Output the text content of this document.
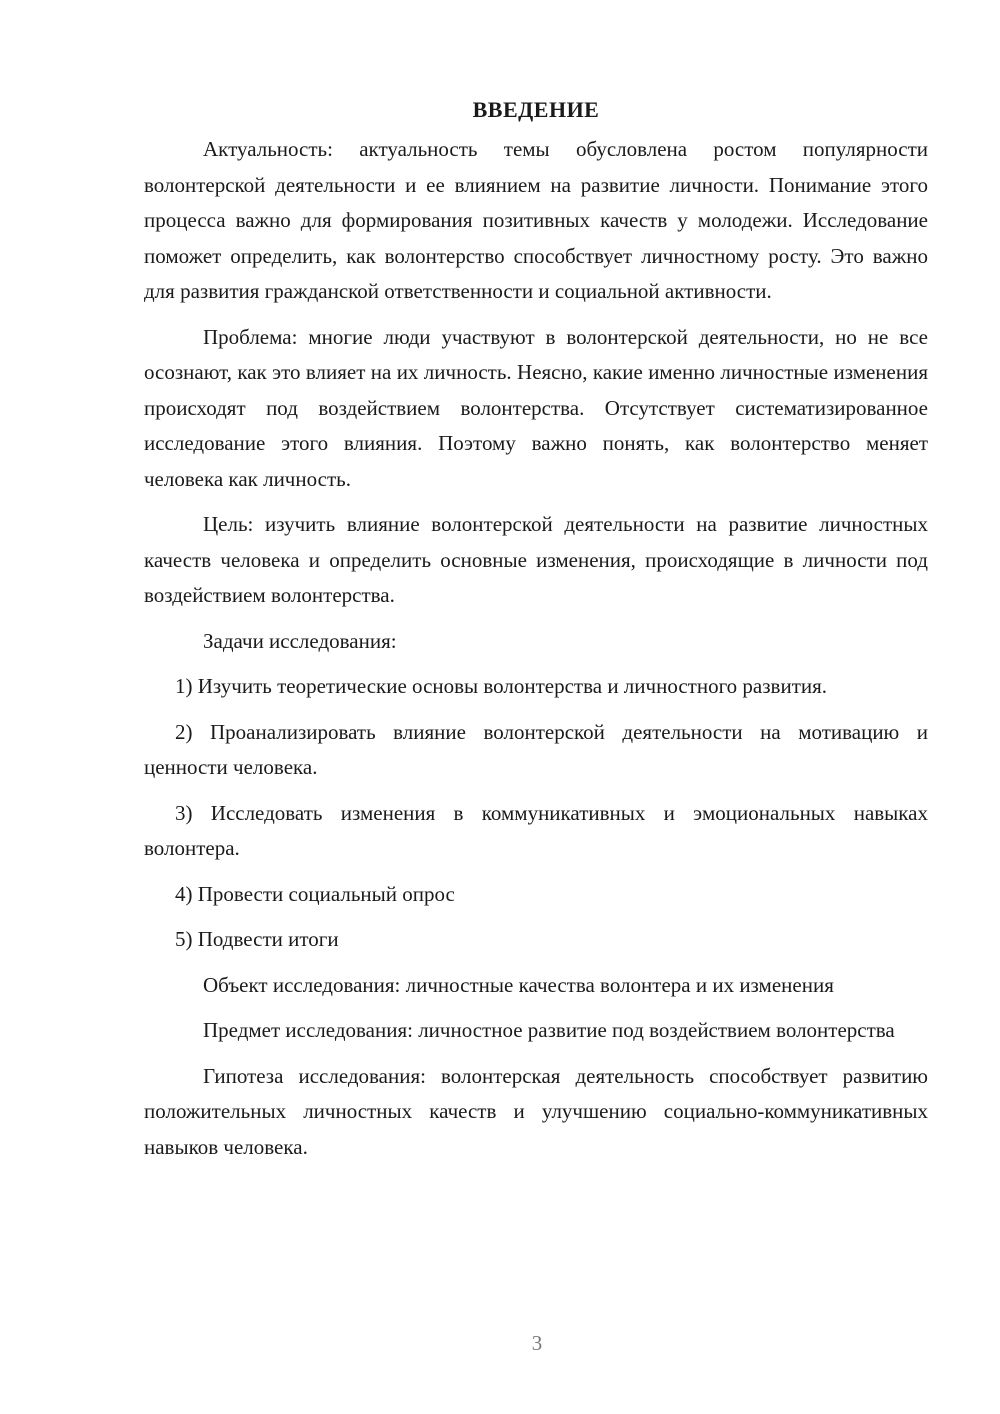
ВВЕДЕНИЕ

Актуальность: актуальность темы обусловлена ростом популярности волонтерской деятельности и ее влиянием на развитие личности. Понимание этого процесса важно для формирования позитивных качеств у молодежи. Исследование поможет определить, как волонтерство способствует личностному росту. Это важно для развития гражданской ответственности и социальной активности.

Проблема: многие люди участвуют в волонтерской деятельности, но не все осознают, как это влияет на их личность. Неясно, какие именно личностные изменения происходят под воздействием волонтерства. Отсутствует систематизированное исследование этого влияния. Поэтому важно понять, как волонтерство меняет человека как личность.

Цель: изучить влияние волонтерской деятельности на развитие личностных качеств человека и определить основные изменения, происходящие в личности под воздействием волонтерства.

Задачи исследования:

1) Изучить теоретические основы волонтерства и личностного развития.

2) Проанализировать влияние волонтерской деятельности на мотивацию и ценности человека.

3) Исследовать изменения в коммуникативных и эмоциональных навыках волонтера.

4) Провести социальный опрос

5) Подвести итоги

Объект исследования: личностные качества волонтера и их изменения

Предмет исследования: личностное развитие под воздействием волонтерства

Гипотеза исследования: волонтерская деятельность способствует развитию положительных личностных качеств и улучшению социально-коммуникативных навыков человека.

3
